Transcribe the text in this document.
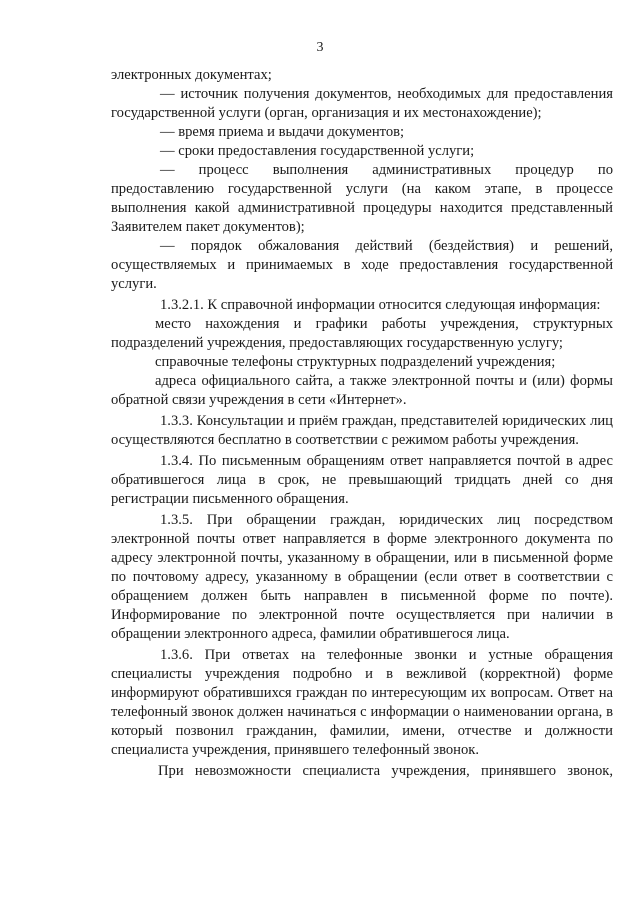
3

электронных документах;

— источник получения документов, необходимых для предоставления государственной услуги (орган, организация и их местонахождение);

— время приема и выдачи документов;

— сроки предоставления государственной услуги;

— процесс выполнения административных процедур по предоставлению государственной услуги (на каком этапе, в процессе выполнения какой административной процедуры находится представленный Заявителем пакет документов);

— порядок обжалования действий (бездействия) и решений, осуществляемых и принимаемых в ходе предоставления государственной услуги.

1.3.2.1. К справочной информации относится следующая информация:

место нахождения и графики работы учреждения, структурных подразделений учреждения, предоставляющих государственную услугу;

справочные телефоны структурных подразделений учреждения;

адреса официального сайта, а также электронной почты и (или) формы обратной связи учреждения в сети «Интернет».

1.3.3. Консультации и приём граждан, представителей юридических лиц осуществляются бесплатно в соответствии с режимом работы учреждения.

1.3.4. По письменным обращениям ответ направляется почтой в адрес обратившегося лица в срок, не превышающий тридцать дней со дня регистрации письменного обращения.

1.3.5. При обращении граждан, юридических лиц посредством электронной почты ответ направляется в форме электронного документа по адресу электронной почты, указанному в обращении, или в письменной форме по почтовому адресу, указанному в обращении (если ответ в соответствии с обращением должен быть направлен в письменной форме по почте). Информирование по электронной почте осуществляется при наличии в обращении электронного адреса, фамилии обратившегося лица.

1.3.6. При ответах на телефонные звонки и устные обращения специалисты учреждения подробно и в вежливой (корректной) форме информируют обратившихся граждан по интересующим их вопросам. Ответ на телефонный звонок должен начинаться с информации о наименовании органа, в который позвонил гражданин, фамилии, имени, отчестве и должности специалиста учреждения, принявшего телефонный звонок.

При невозможности специалиста учреждения, принявшего звонок,
